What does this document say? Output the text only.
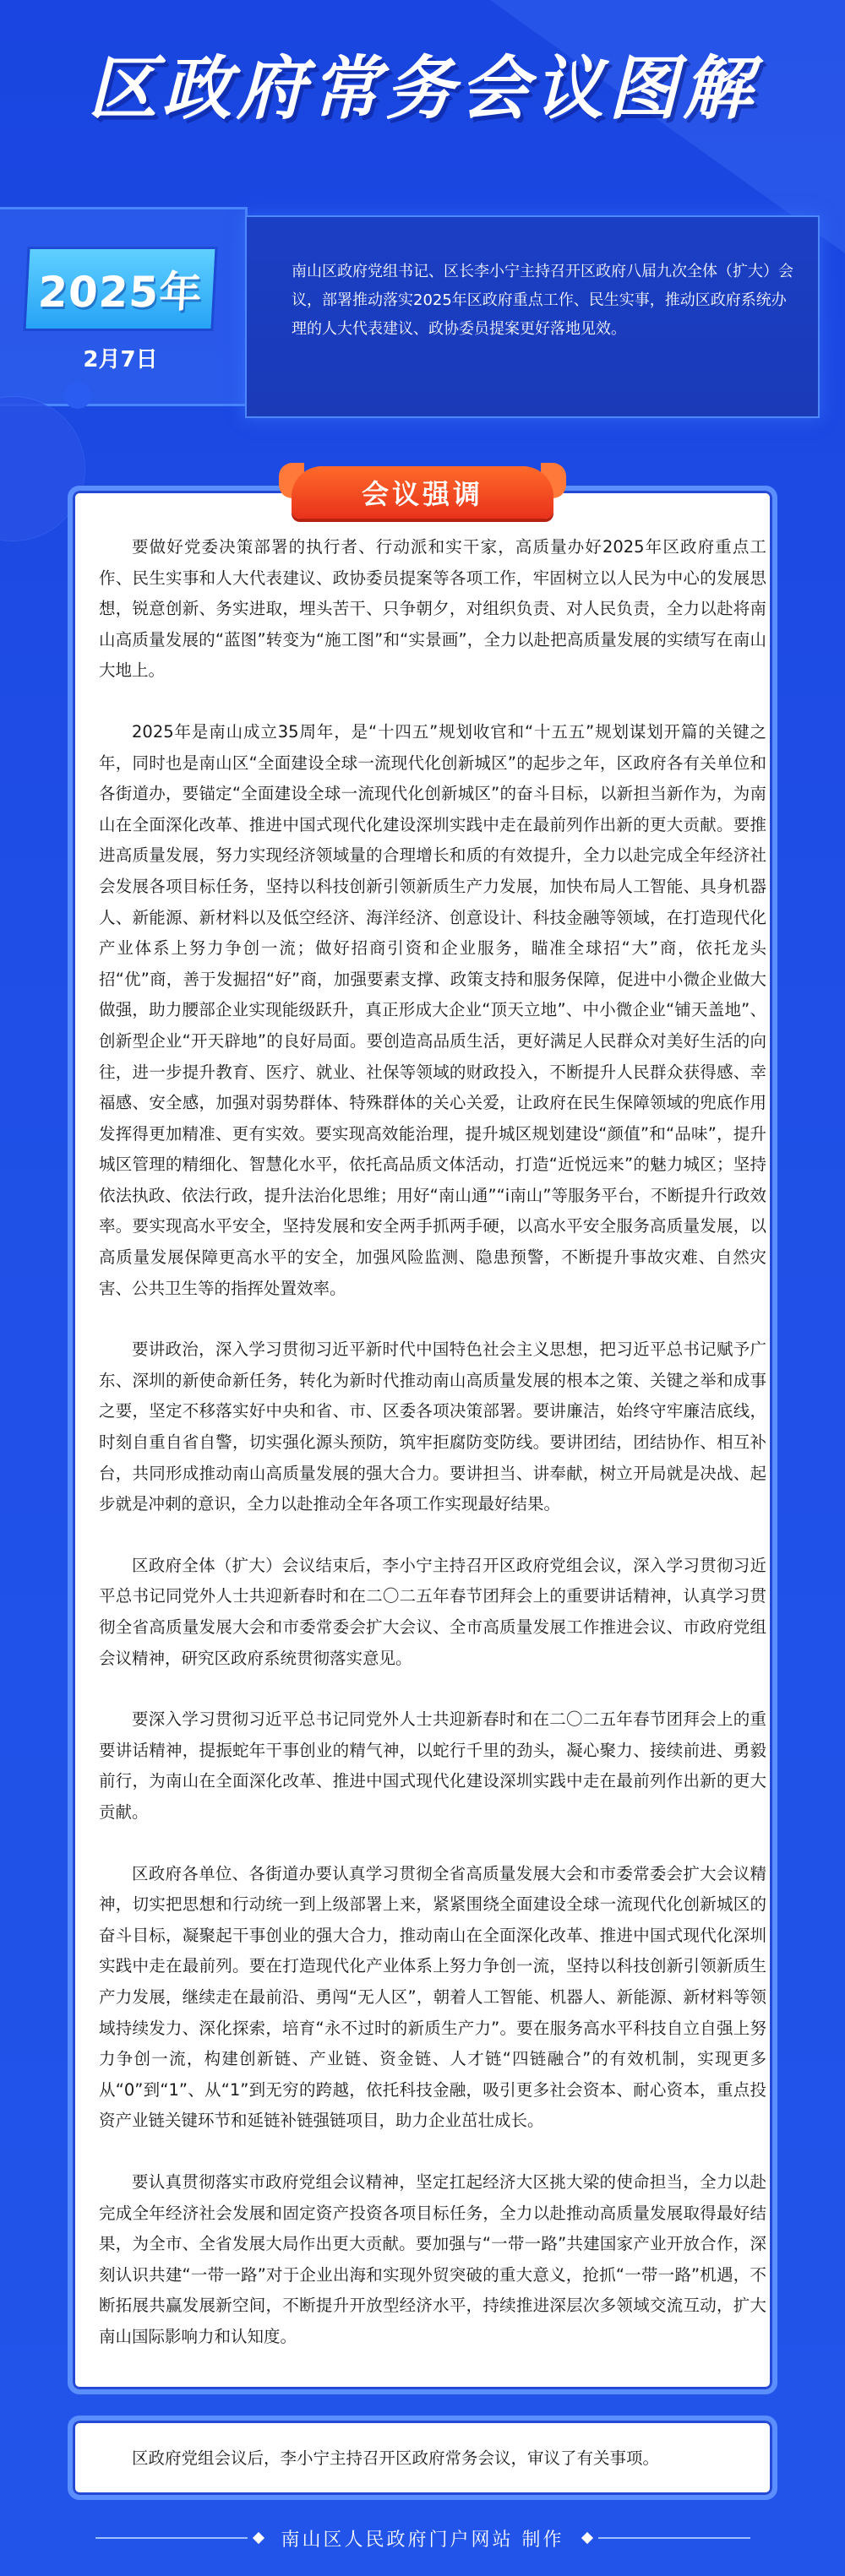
区政府常务会议图解
南山区政府党组书记、区长李小宁主持召开区政府八届九次全体（扩大）会议，部署推动落实2025年区政府重点工作、民生实事，推动区政府系统办理的人大代表建议、政协委员提案更好落地见效。
2025年
2月7日
会议强调

要做好党委决策部署的执行者、行动派和实干家，高质量办好2025年区政府重点工作、民生实事和人大代表建议、政协委员提案等各项工作，牢固树立以人民为中心的发展思想，锐意创新、务实进取，埋头苦干、只争朝夕，对组织负责、对人民负责，全力以赴将南山高质量发展的“蓝图”转变为“施工图”和“实景画”，全力以赴把高质量发展的实绩写在南山大地上。

2025年是南山成立35周年，是“十四五”规划收官和“十五五”规划谋划开篇的关键之年，同时也是南山区“全面建设全球一流现代化创新城区”的起步之年，区政府各有关单位和各街道办，要锚定“全面建设全球一流现代化创新城区”的奋斗目标，以新担当新作为，为南山在全面深化改革、推进中国式现代化建设深圳实践中走在最前列作出新的更大贡献。要推进高质量发展，努力实现经济领域量的合理增长和质的有效提升，全力以赴完成全年经济社会发展各项目标任务，坚持以科技创新引领新质生产力发展，加快布局人工智能、具身机器人、新能源、新材料以及低空经济、海洋经济、创意设计、科技金融等领域，在打造现代化产业体系上努力争创一流；做好招商引资和企业服务，瞄准全球招“大”商，依托龙头招“优”商，善于发掘招“好”商，加强要素支撑、政策支持和服务保障，促进中小微企业做大做强，助力腰部企业实现能级跃升，真正形成大企业“顶天立地”、中小微企业“铺天盖地”、创新型企业“开天辟地”的良好局面。要创造高品质生活，更好满足人民群众对美好生活的向往，进一步提升教育、医疗、就业、社保等领域的财政投入，不断提升人民群众获得感、幸福感、安全感，加强对弱势群体、特殊群体的关心关爱，让政府在民生保障领域的兜底作用发挥得更加精准、更有实效。要实现高效能治理，提升城区规划建设“颜值”和“品味”，提升城区管理的精细化、智慧化水平，依托高品质文体活动，打造“近悦远来”的魅力城区；坚持依法执政、依法行政，提升法治化思维；用好“南山通”“i南山”等服务平台，不断提升行政效率。要实现高水平安全，坚持发展和安全两手抓两手硬，以高水平安全服务高质量发展，以高质量发展保障更高水平的安全，加强风险监测、隐患预警，不断提升事故灾难、自然灾害、公共卫生等的指挥处置效率。

要讲政治，深入学习贯彻习近平新时代中国特色社会主义思想，把习近平总书记赋予广东、深圳的新使命新任务，转化为新时代推动南山高质量发展的根本之策、关键之举和成事之要，坚定不移落实好中央和省、市、区委各项决策部署。要讲廉洁，始终守牢廉洁底线，时刻自重自省自警，切实强化源头预防，筑牢拒腐防变防线。要讲团结，团结协作、相互补台，共同形成推动南山高质量发展的强大合力。要讲担当、讲奉献，树立开局就是决战、起步就是冲刺的意识，全力以赴推动全年各项工作实现最好结果。

区政府全体（扩大）会议结束后，李小宁主持召开区政府党组会议，深入学习贯彻习近平总书记同党外人士共迎新春时和在二〇二五年春节团拜会上的重要讲话精神，认真学习贯彻全省高质量发展大会和市委常委会扩大会议、全市高质量发展工作推进会议、市政府党组会议精神，研究区政府系统贯彻落实意见。

要深入学习贯彻习近平总书记同党外人士共迎新春时和在二〇二五年春节团拜会上的重要讲话精神，提振蛇年干事创业的精气神，以蛇行千里的劲头，凝心聚力、接续前进、勇毅前行，为南山在全面深化改革、推进中国式现代化建设深圳实践中走在最前列作出新的更大贡献。

区政府各单位、各街道办要认真学习贯彻全省高质量发展大会和市委常委会扩大会议精神，切实把思想和行动统一到上级部署上来，紧紧围绕全面建设全球一流现代化创新城区的奋斗目标，凝聚起干事创业的强大合力，推动南山在全面深化改革、推进中国式现代化深圳实践中走在最前列。要在打造现代化产业体系上努力争创一流，坚持以科技创新引领新质生产力发展，继续走在最前沿、勇闯“无人区”，朝着人工智能、机器人、新能源、新材料等领域持续发力、深化探索，培育“永不过时的新质生产力”。要在服务高水平科技自立自强上努力争创一流，构建创新链、产业链、资金链、人才链“四链融合”的有效机制，实现更多从“0”到“1”、从“1”到无穷的跨越，依托科技金融，吸引更多社会资本、耐心资本，重点投资产业链关键环节和延链补链强链项目，助力企业茁壮成长。

要认真贯彻落实市政府党组会议精神，坚定扛起经济大区挑大梁的使命担当，全力以赴完成全年经济社会发展和固定资产投资各项目标任务，全力以赴推动高质量发展取得最好结果，为全市、全省发展大局作出更大贡献。要加强与“一带一路”共建国家产业开放合作，深刻认识共建“一带一路”对于企业出海和实现外贸突破的重大意义，抢抓“一带一路”机遇，不断拓展共赢发展新空间，不断提升开放型经济水平，持续推进深层次多领域交流互动，扩大南山国际影响力和认知度。

区政府党组会议后，李小宁主持召开区政府常务会议，审议了有关事项。
南山区人民政府门户网站 制作
